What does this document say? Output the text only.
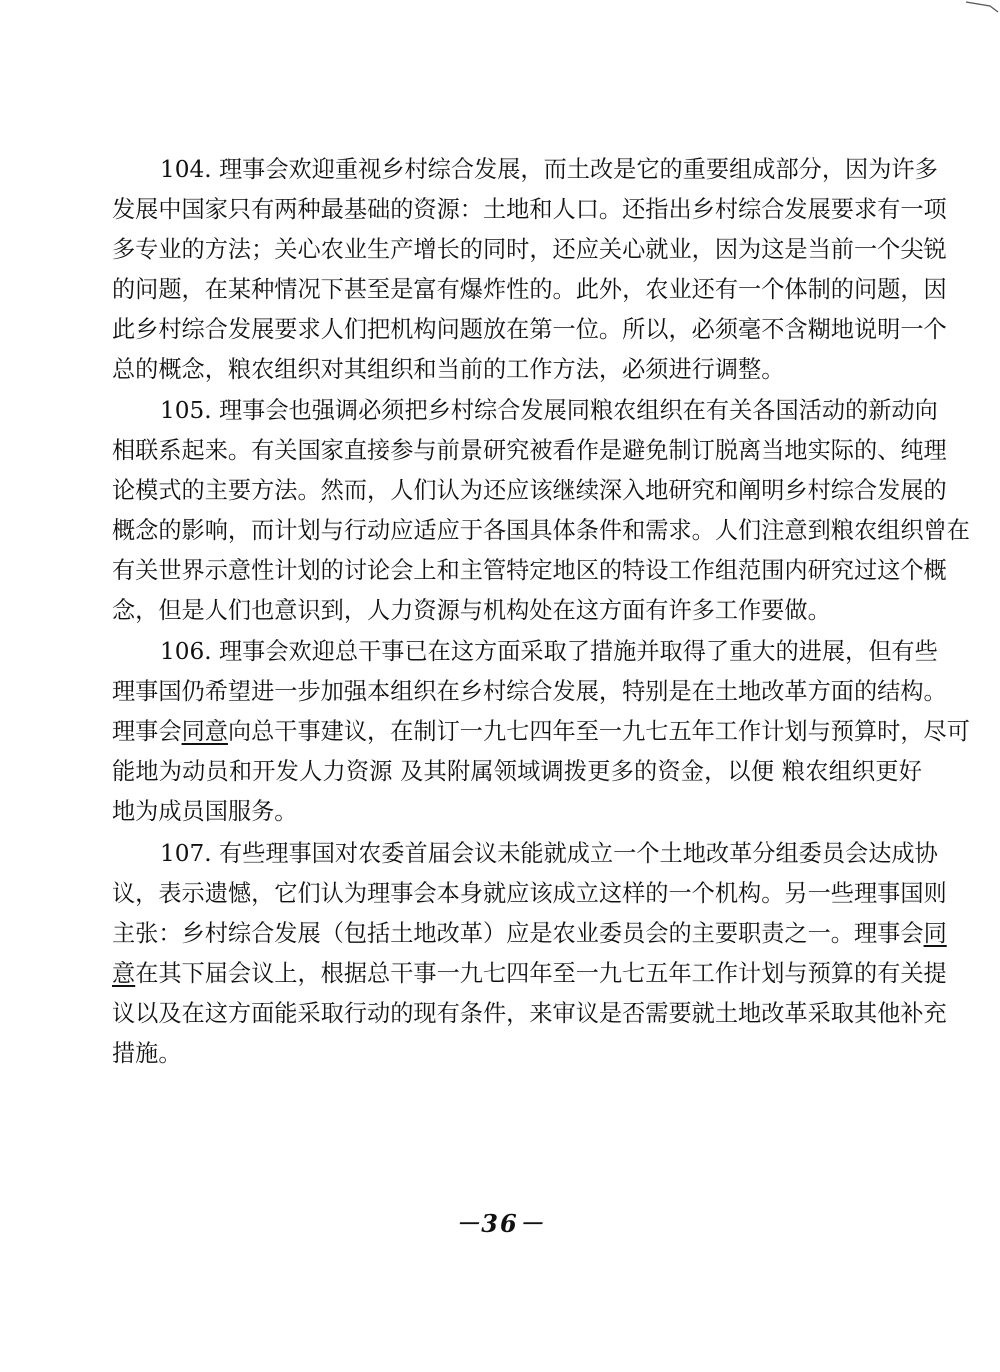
104. 理事会欢迎重视乡村综合发展，而土改是它的重要组成部分，因为许多
发展中国家只有两种最基础的资源：土地和人口。还指出乡村综合发展要求有一项
多专业的方法；关心农业生产增长的同时，还应关心就业，因为这是当前一个尖锐
的问题，在某种情况下甚至是富有爆炸性的。此外，农业还有一个体制的问题，因
此乡村综合发展要求人们把机构问题放在第一位。所以，必须毫不含糊地说明一个
总的概念，粮农组织对其组织和当前的工作方法，必须进行调整。
105. 理事会也强调必须把乡村综合发展同粮农组织在有关各国活动的新动向
相联系起来。有关国家直接参与前景研究被看作是避免制订脱离当地实际的、纯理
论模式的主要方法。然而，人们认为还应该继续深入地研究和阐明乡村综合发展的
概念的影响，而计划与行动应适应于各国具体条件和需求。人们注意到粮农组织曾在
有关世界示意性计划的讨论会上和主管特定地区的特设工作组范围内研究过这个概
念，但是人们也意识到，人力资源与机构处在这方面有许多工作要做。
106. 理事会欢迎总干事已在这方面采取了措施并取得了重大的进展，但有些
理事国仍希望进一步加强本组织在乡村综合发展，特别是在土地改革方面的结构。
理事会同意向总干事建议，在制订一九七四年至一九七五年工作计划与预算时，尽可
能地为动员和开发人力资源 及其附属领域调拨更多的资金，以便 粮农组织更好
地为成员国服务。
107. 有些理事国对农委首届会议未能就成立一个土地改革分组委员会达成协
议，表示遗憾，它们认为理事会本身就应该成立这样的一个机构。另一些理事国则
主张：乡村综合发展（包括土地改革）应是农业委员会的主要职责之一。理事会同
意在其下届会议上，根据总干事一九七四年至一九七五年工作计划与预算的有关提
议以及在这方面能采取行动的现有条件，来审议是否需要就土地改革采取其他补充
措施。
－36－
